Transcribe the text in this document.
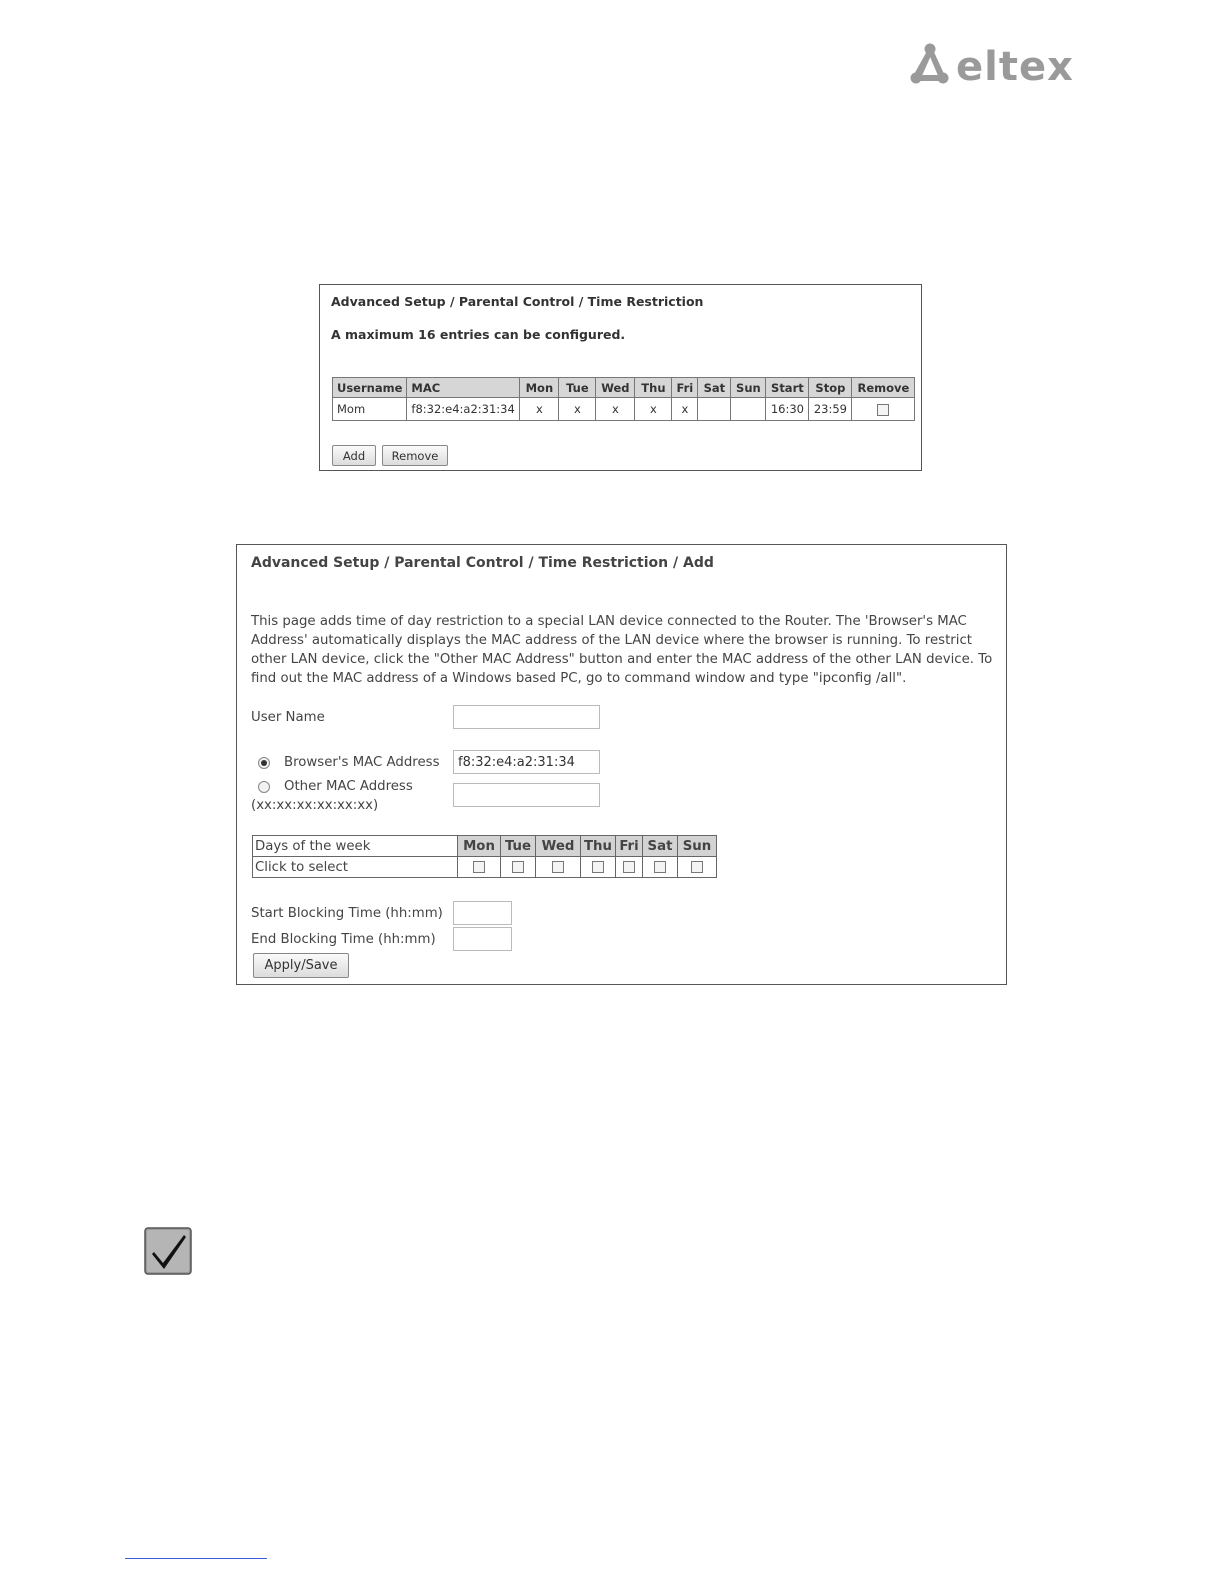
eltex
Advanced Setup / Parental Control / Time Restriction
A maximum 16 entries can be configured.
Username	MAC	Mon	Tue	Wed	Thu	Fri	Sat	Sun	Start	Stop	Remove
Mom	f8:32:e4:a2:31:34	x	x	x	x	x			16:30	23:59	
Add	Remove
Advanced Setup / Parental Control / Time Restriction / Add
This page adds time of day restriction to a special LAN device connected to the Router. The 'Browser's MAC Address' automatically displays the MAC address of the LAN device where the browser is running. To restrict other LAN device, click the "Other MAC Address" button and enter the MAC address of the other LAN device. To find out the MAC address of a Windows based PC, go to command window and type "ipconfig /all".
User Name
Browser's MAC Address
f8:32:e4:a2:31:34
Other MAC Address
(xx:xx:xx:xx:xx:xx)
Days of the week	Mon	Tue	Wed	Thu	Fri	Sat	Sun
Click to select							
Start Blocking Time (hh:mm)
End Blocking Time (hh:mm)
Apply/Save
